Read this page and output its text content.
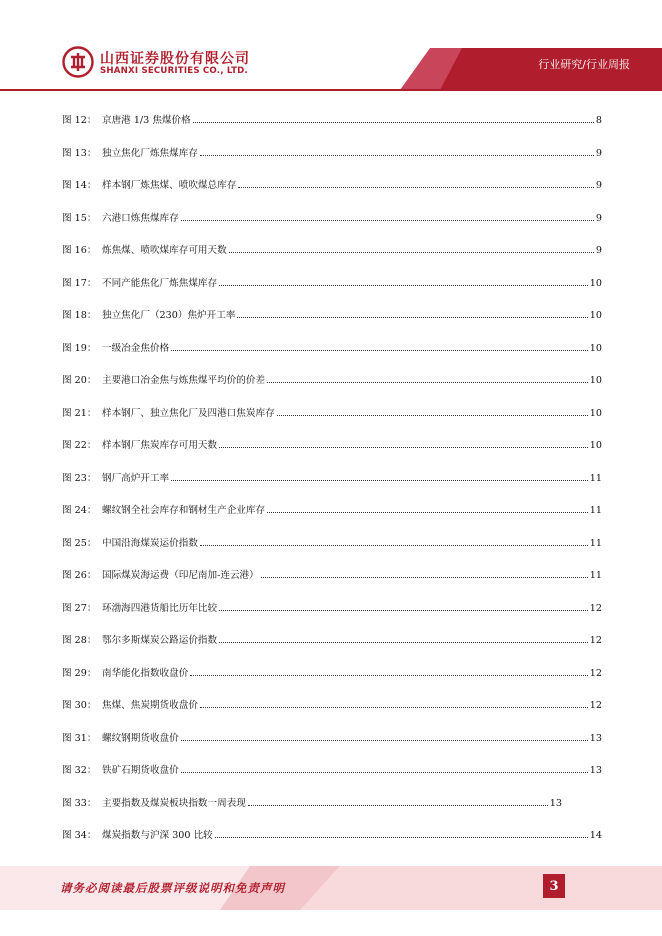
山西证券股份有限公司
SHANXI SECURITIES CO., LTD.	行业研究/行业周报
图 12： 京唐港 1/3 焦煤价格	8
图 13： 独立焦化厂炼焦煤库存	9
图 14： 样本钢厂炼焦煤、喷吹煤总库存	9
图 15： 六港口炼焦煤库存	9
图 16： 炼焦煤、喷吹煤库存可用天数	9
图 17： 不同产能焦化厂炼焦煤库存	10
图 18： 独立焦化厂（230）焦炉开工率	10
图 19： 一级冶金焦价格	10
图 20： 主要港口冶金焦与炼焦煤平均价的价差	10
图 21： 样本钢厂、独立焦化厂及四港口焦炭库存	10
图 22： 样本钢厂焦炭库存可用天数	10
图 23： 钢厂高炉开工率	11
图 24： 螺纹钢全社会库存和钢材生产企业库存	11
图 25： 中国沿海煤炭运价指数	11
图 26： 国际煤炭海运费（印尼南加-连云港）	11
图 27： 环渤海四港货船比历年比较	12
图 28： 鄂尔多斯煤炭公路运价指数	12
图 29： 南华能化指数收盘价	12
图 30： 焦煤、焦炭期货收盘价	12
图 31： 螺纹钢期货收盘价	13
图 32： 铁矿石期货收盘价	13
图 33： 主要指数及煤炭板块指数一周表现	13
图 34： 煤炭指数与沪深 300 比较	14
请务必阅读最后股票评级说明和免责声明	3
